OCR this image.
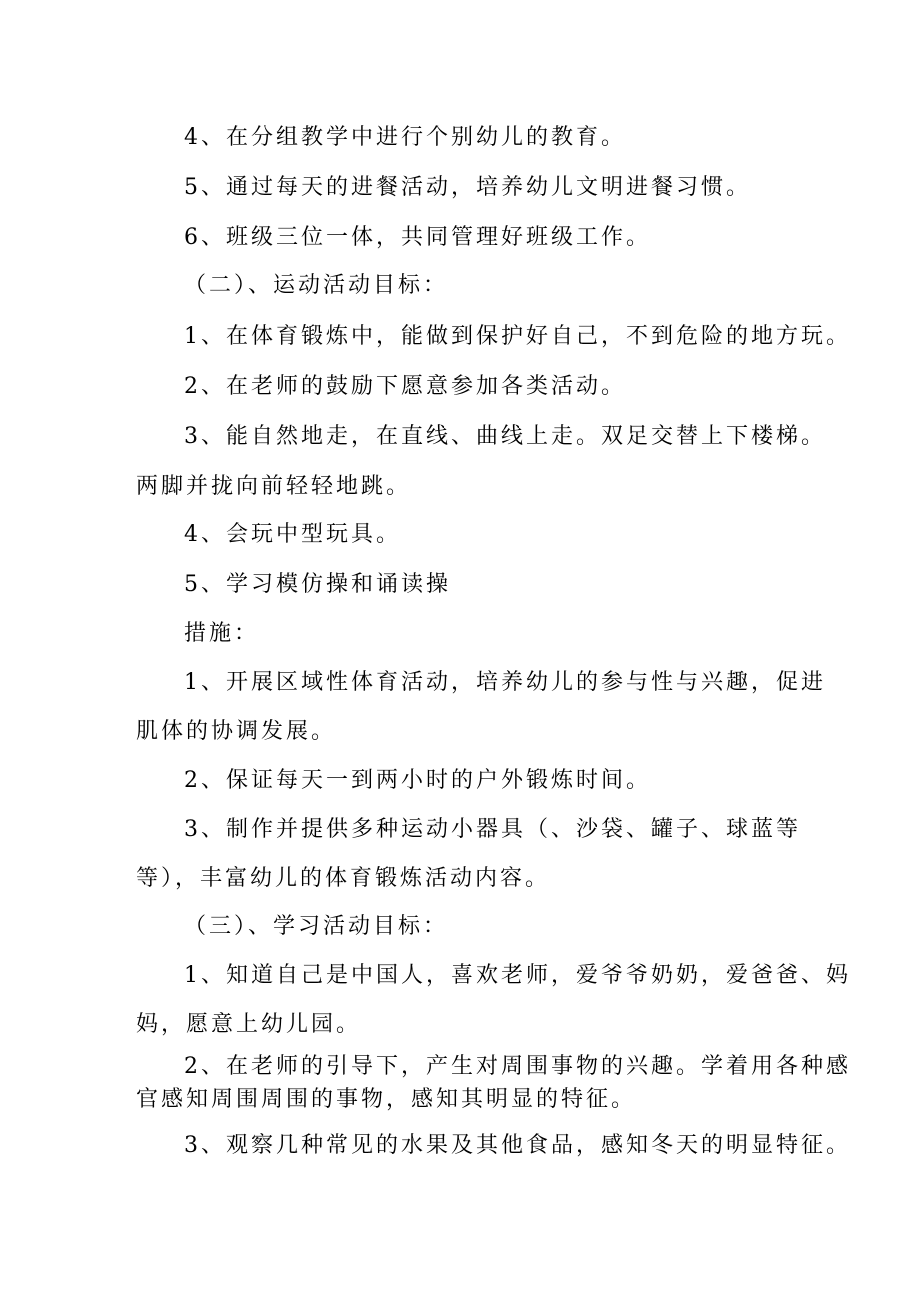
4、在分组教学中进行个别幼儿的教育。
5、通过每天的进餐活动，培养幼儿文明进餐习惯。
6、班级三位一体，共同管理好班级工作。
（二）、运动活动目标：
1、在体育锻炼中，能做到保护好自己，不到危险的地方玩。
2、在老师的鼓励下愿意参加各类活动。
3、能自然地走，在直线、曲线上走。双足交替上下楼梯。
两脚并拢向前轻轻地跳。
4、会玩中型玩具。
5、学习模仿操和诵读操
措施：
1、开展区域性体育活动，培养幼儿的参与性与兴趣，促进
肌体的协调发展。
2、保证每天一到两小时的户外锻炼时间。
3、制作并提供多种运动小器具（、沙袋、罐子、球蓝等
等），丰富幼儿的体育锻炼活动内容。
（三）、学习活动目标：
1、知道自己是中国人，喜欢老师，爱爷爷奶奶，爱爸爸、妈
妈，愿意上幼儿园。
2、在老师的引导下，产生对周围事物的兴趣。学着用各种感
官感知周围周围的事物，感知其明显的特征。
3、观察几种常见的水果及其他食品，感知冬天的明显特征。
